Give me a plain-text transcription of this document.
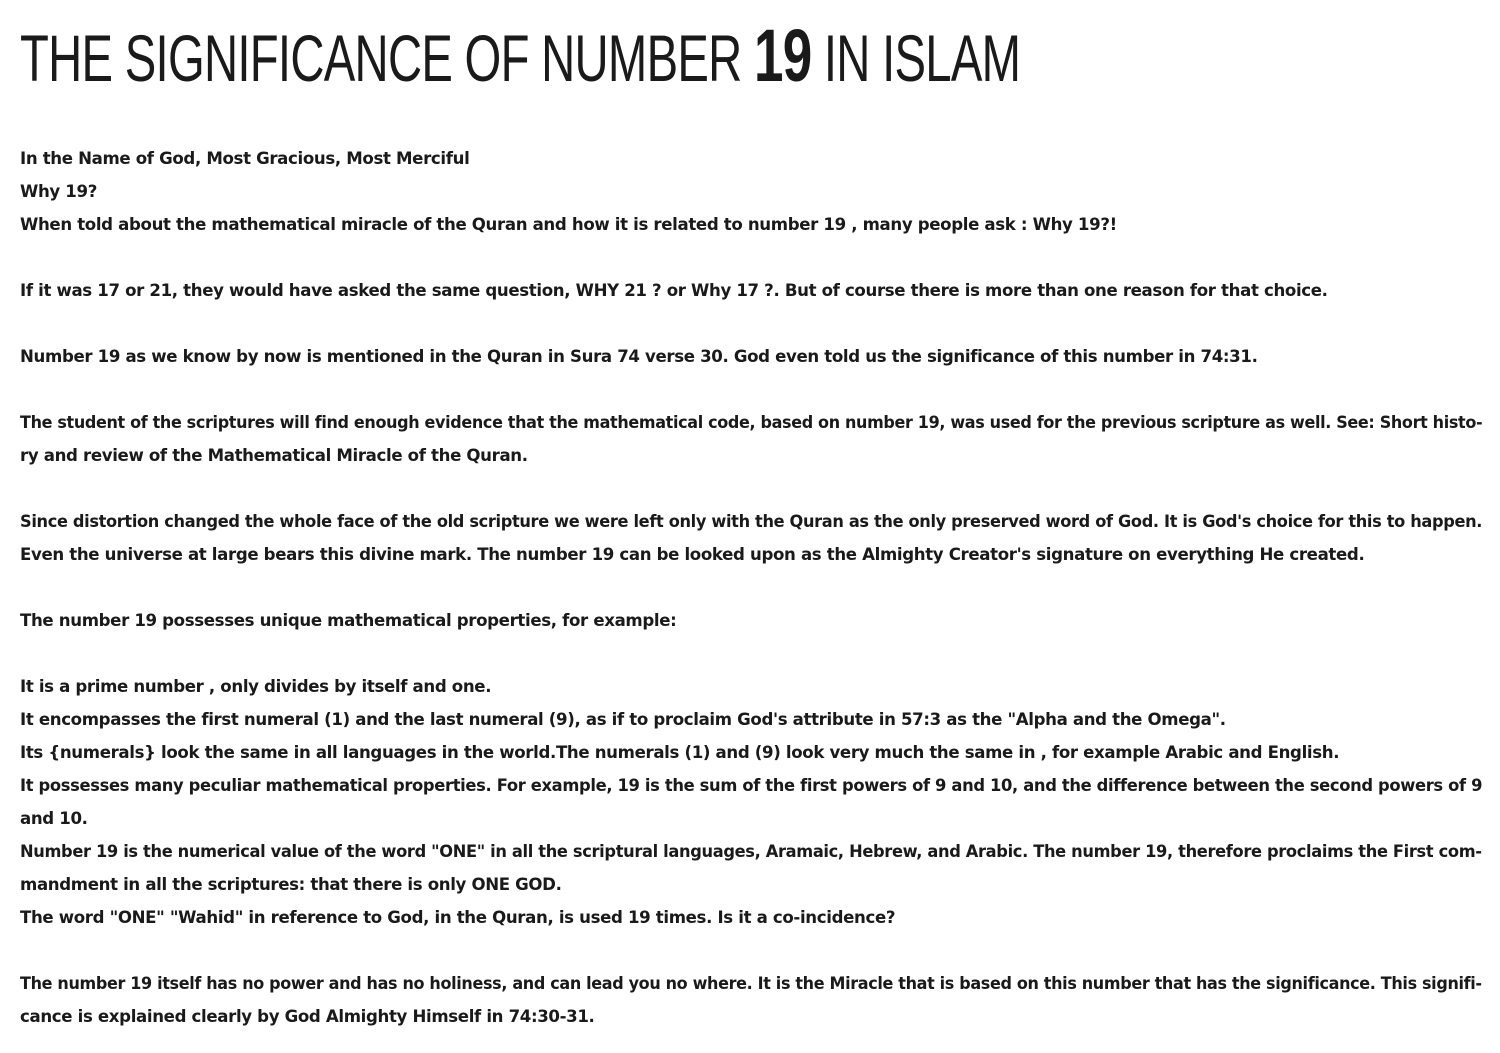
THE SIGNIFICANCE OF NUMBER 19 IN ISLAM
In the Name of God, Most Gracious, Most Merciful
Why 19?
When told about the mathematical miracle of the Quran and how it is related to number 19 , many people ask : Why 19?!
If it was 17 or 21, they would have asked the same question, WHY 21 ? or Why 17 ?. But of course there is more than one reason for that choice.
Number 19 as we know by now is mentioned in the Quran in Sura 74 verse 30. God even told us the significance of this number in 74:31.
The student of the scriptures will find enough evidence that the mathematical code, based on number 19, was used for the previous scripture as well. See: Short histo-
ry and review of the Mathematical Miracle of the Quran.
Since distortion changed the whole face of the old scripture we were left only with the Quran as the only preserved word of God. It is God's choice for this to happen.
Even the universe at large bears this divine mark. The number 19 can be looked upon as the Almighty Creator's signature on everything He created.
The number 19 possesses unique mathematical properties, for example:
It is a prime number , only divides by itself and one.
It encompasses the first numeral (1) and the last numeral (9), as if to proclaim God's attribute in 57:3 as the "Alpha and the Omega".
Its {numerals} look the same in all languages in the world.The numerals (1) and (9) look very much the same in , for example Arabic and English.
It possesses many peculiar mathematical properties. For example, 19 is the sum of the first powers of 9 and 10, and the difference between the second powers of 9
and 10.
Number 19 is the numerical value of the word "ONE" in all the scriptural languages, Aramaic, Hebrew, and Arabic. The number 19, therefore proclaims the First com-
mandment in all the scriptures: that there is only ONE GOD.
The word "ONE" "Wahid" in reference to God, in the Quran, is used 19 times. Is it a co-incidence?
The number 19 itself has no power and has no holiness, and can lead you no where. It is the Miracle that is based on this number that has the significance. This signifi-
cance is explained clearly by God Almighty Himself in 74:30-31.
